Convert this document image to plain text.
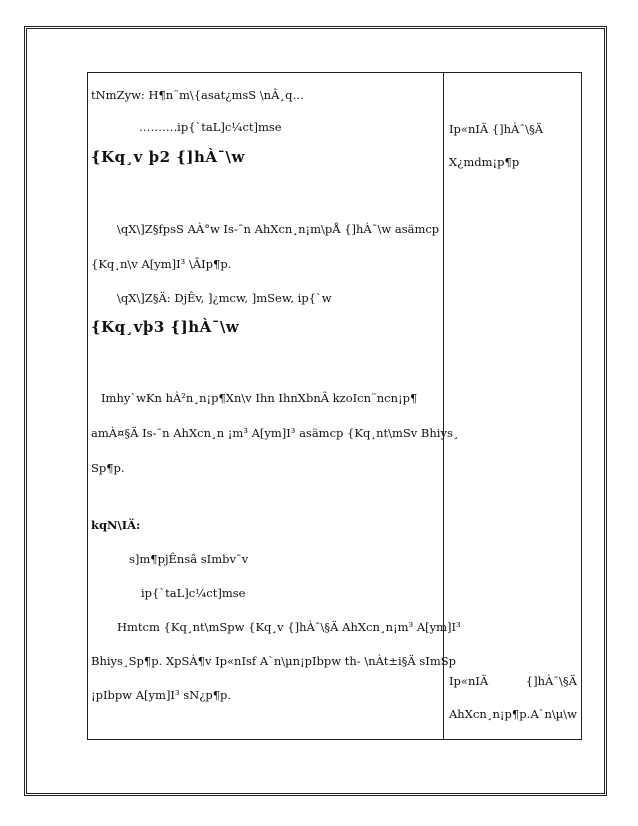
tNmZyw: H¶n¨m\{asat¿msS \nÂ¸q…
……….ip{`taL]c¼ct]mse
{Kq¸v þ2 {]hÀ¯\w
\qX\]Z§fpsS AÀ°w Is-¯n AhXcn¸n¡m\pÅ {]hÀ¯\w asämcp
{Kq¸n\v A[ym]I³ \ÂIp¶p.
\qX\]Z§Ä: DjÊv, ]¿mcw, ]mSew, ip{`w
{Kq¸vþ3 {]hÀ¯\w
Imhy`wKn hÀ²n¸n¡p¶Xn\v Ihn IhnXbnÂ kzoIcn¨ncn¡p¶
amÀ¤§Ä Is-¯n AhXcn¸n ¡m³ A[ym]I³ asämcp {Kq¸nt\mSv Bhiys¸
Sp¶p.
kqN\IÄ:
s]m¶pjÊnsâ sImbv¯v
ip{`taL]c¼ct]mse
Hmtcm {Kq¸nt\mSpw {Kq¸v {]hÀ¯\§Ä AhXcn¸n¡m³ A[ym]I³
Bhiys¸Sp¶p. XpSÀ¶v Ip«nIsf A`n\µn¡pIbpw th- \nÀt±i§Ä sImSp
¡pIbpw A[ym]I³ sN¿p¶p.
Ip«nIÄ {]hÀ¯\§Ä
X¿mdm¡p¶p
Ip«nIÄ	{]hÀ¯\§Ä
AhXcn¸n¡p¶p. A`n\µ\w
